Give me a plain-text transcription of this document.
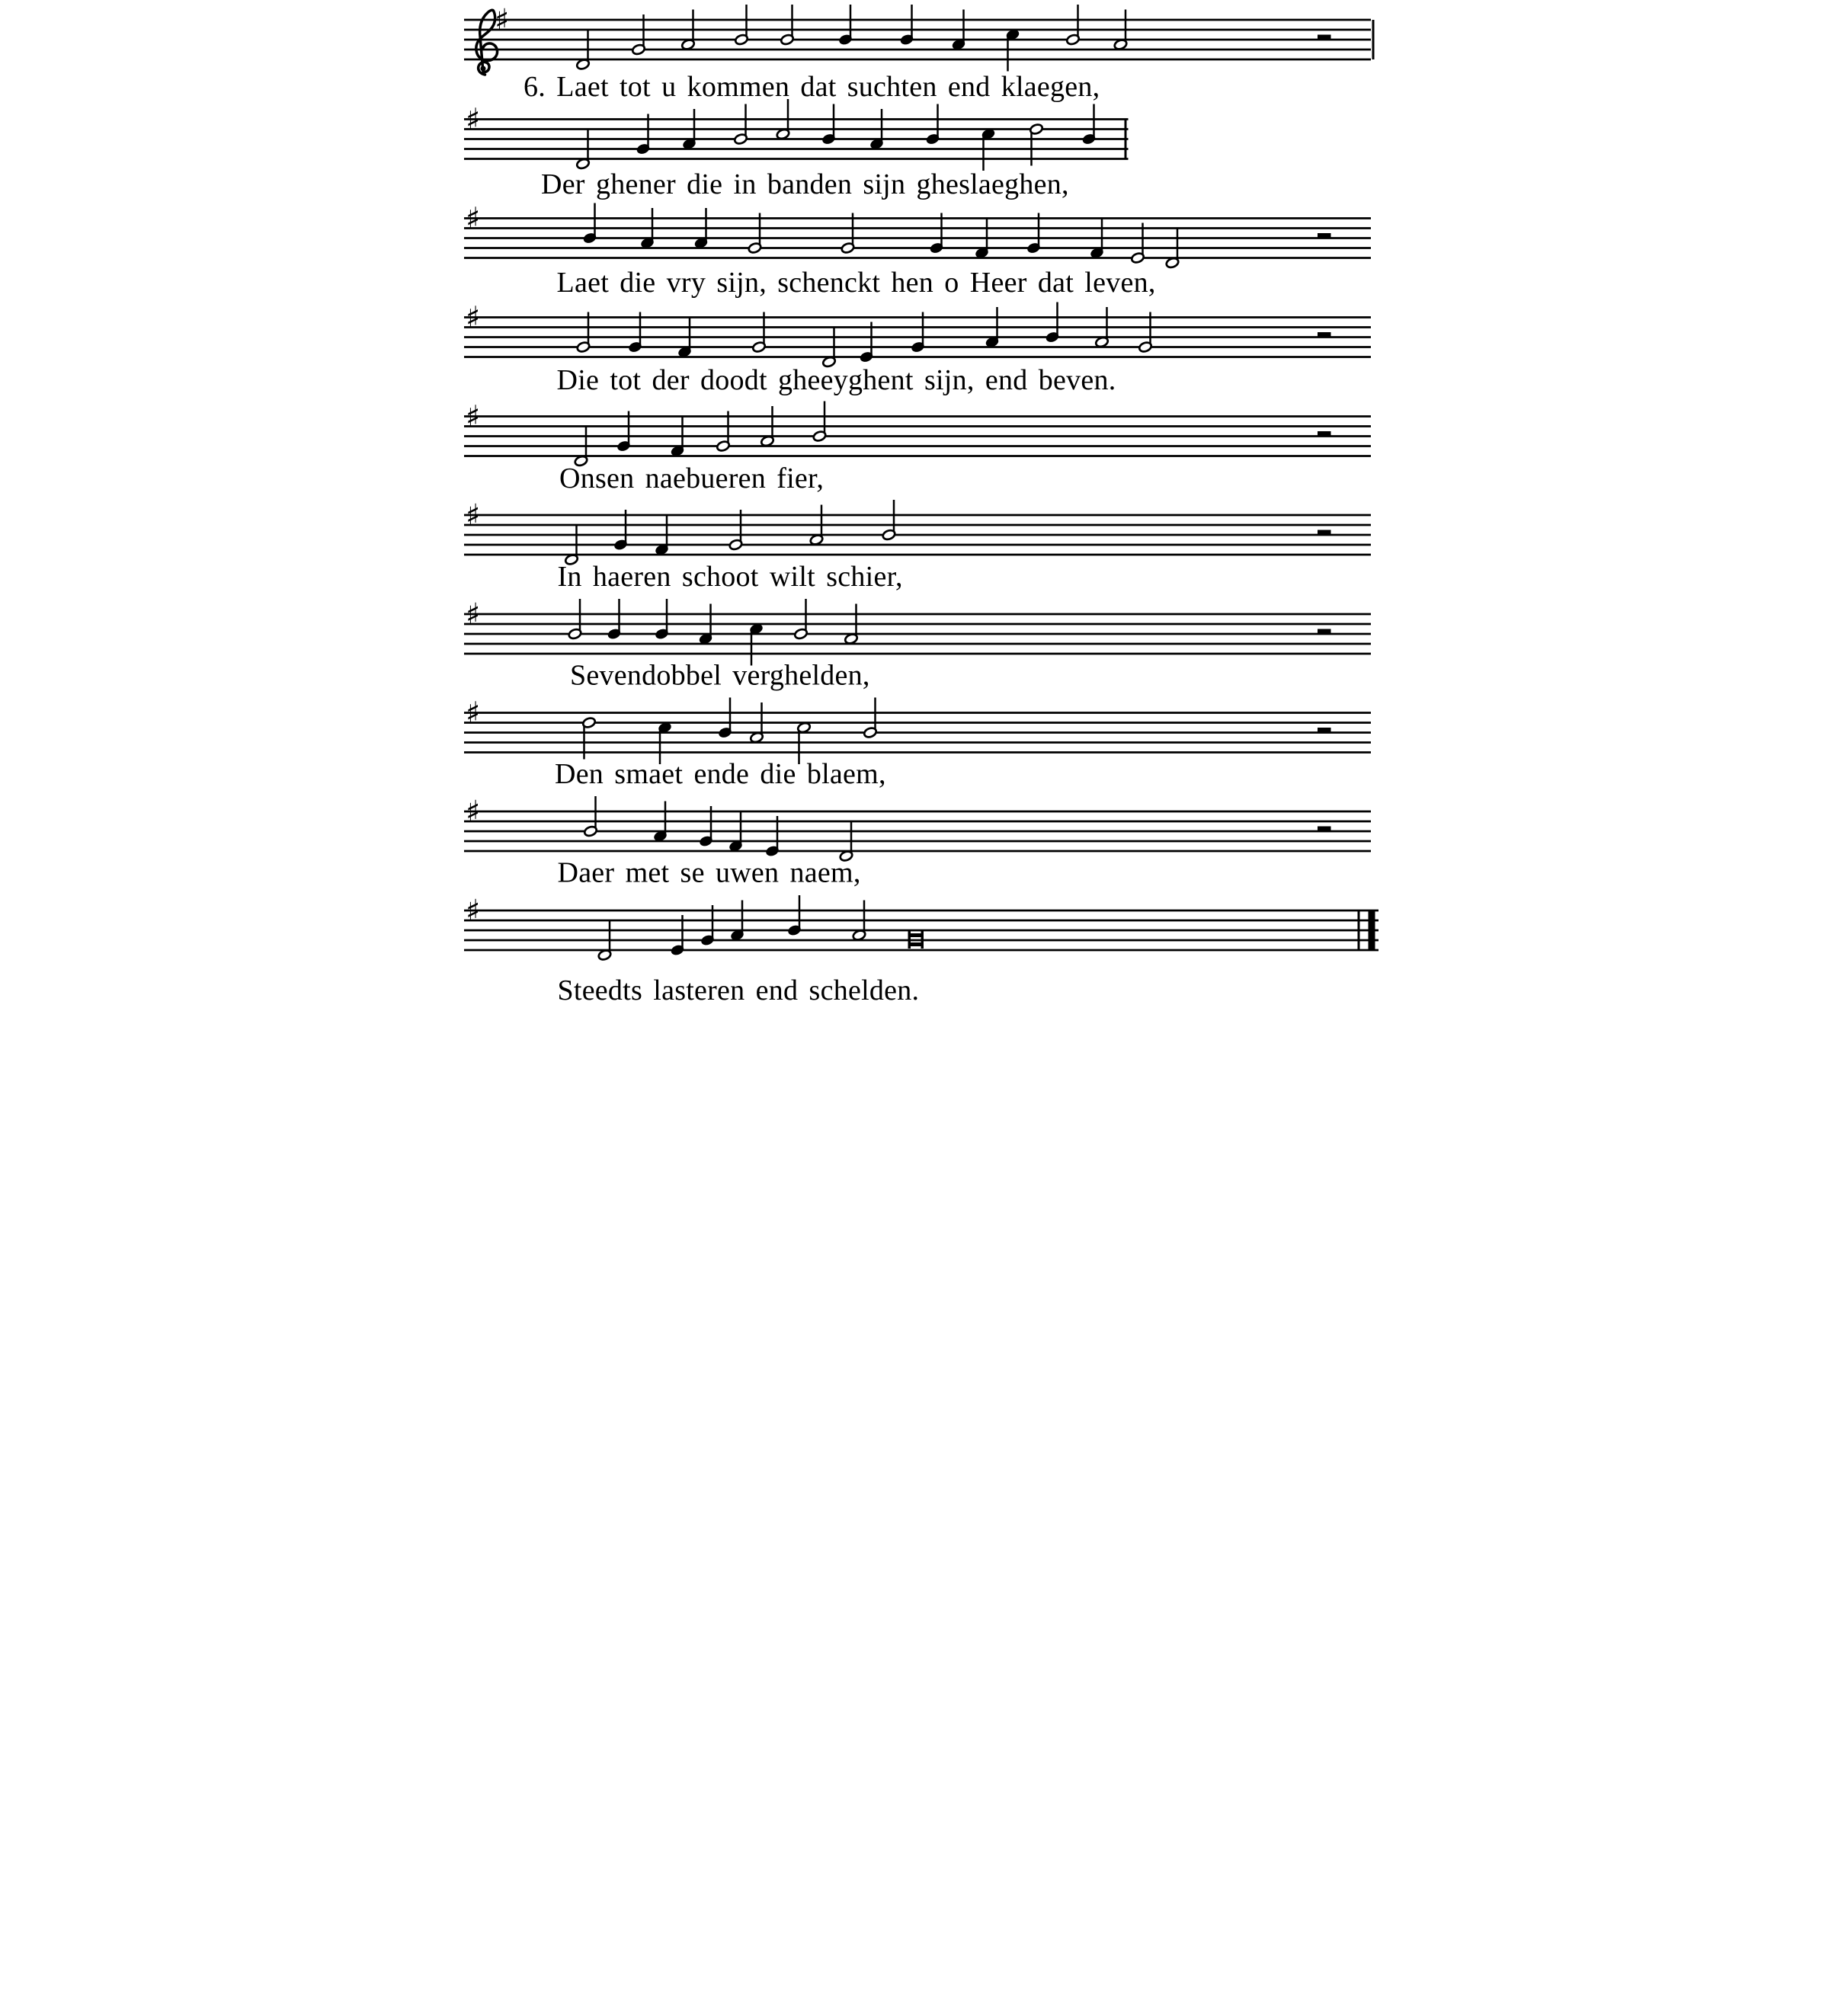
♯
6. Laet tot u kommen dat suchten end klaegen,
♯
Der ghener die in banden sijn gheslaeghen,
♯
Laet die vry sijn, schenckt hen o Heer dat leven,
♯
Die tot der doodt gheeyghent sijn, end beven.
♯
Onsen naebueren fier,
♯
In haeren schoot wilt schier,
♯
Sevendobbel verghelden,
♯
Den smaet ende die blaem,
♯
Daer met se uwen naem,
♯
Steedts lasteren end schelden.
